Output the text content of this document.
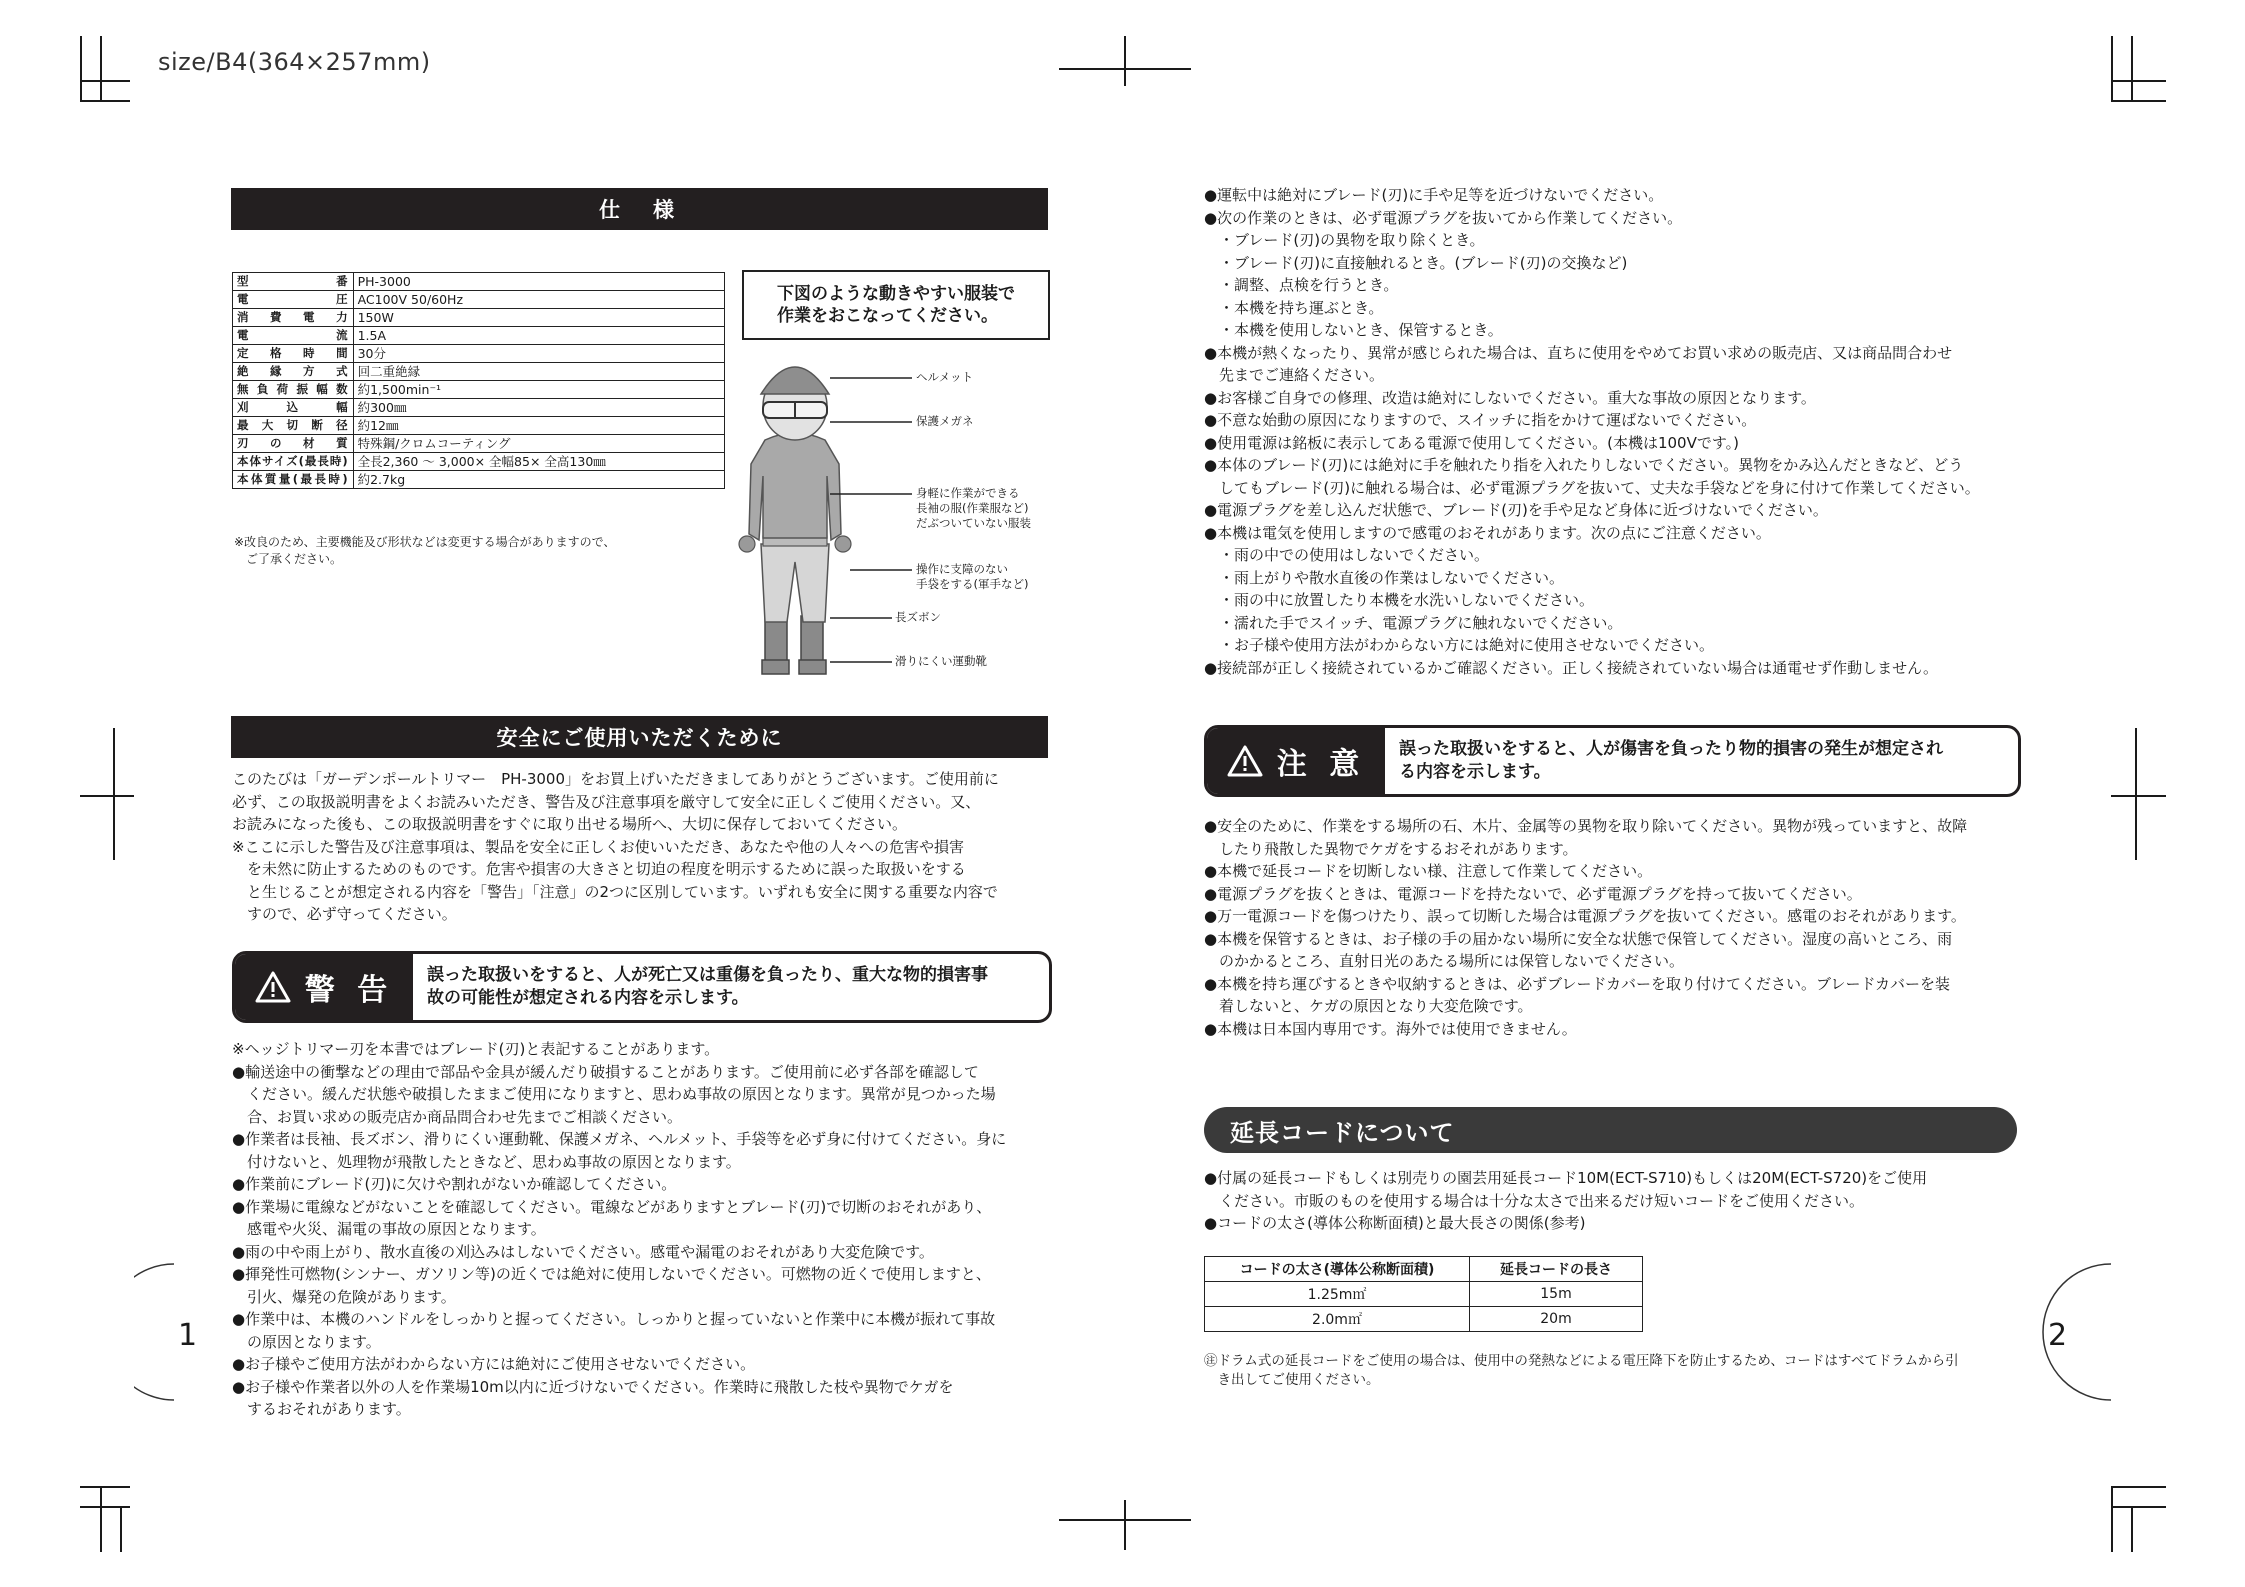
size/B4(364×257mm)
仕　様
型番	PH-3000
電圧	AC100V 50/60Hz
消費電力	150W
電流	1.5A
定格時間	30分
絶縁方式	回二重絶縁
無負荷振幅数	約1,500min⁻¹
刈込幅	約300㎜
最大切断径	約12㎜
刃の材質	特殊鋼/クロムコーティング
本体サイズ(最長時)	全長2,360 ～ 3,000× 全幅85× 全高130㎜
本体質量(最長時)	約2.7kg
※改良のため、主要機能及び形状などは変更する場合がありますので、
　ご了承ください。
下図のような動きやすい服装で
作業をおこなってください。
ヘルメット
保護メガネ
身軽に作業ができる
長袖の服(作業服など)
だぶついていない服装
操作に支障のない
手袋をする(軍手など)
長ズボン
滑りにくい運動靴
安全にご使用いただくために
このたびは「ガーデンポールトリマー　PH-3000」をお買上げいただきましてありがとうございます。ご使用前に
必ず、この取扱説明書をよくお読みいただき、警告及び注意事項を厳守して安全に正しくご使用ください。又、
お読みになった後も、この取扱説明書をすぐに取り出せる場所へ、大切に保存しておいてください。
※ここに示した警告及び注意事項は、製品を安全に正しくお使いいただき、あなたや他の人々への危害や損害
　を未然に防止するためのものです。危害や損害の大きさと切迫の程度を明示するために誤った取扱いをする
　と生じることが想定される内容を「警告」「注意」の2つに区別しています。いずれも安全に関する重要な内容で
　すので、必ず守ってください。
警 告 誤った取扱いをすると、人が死亡又は重傷を負ったり、重大な物的損害事
故の可能性が想定される内容を示します。
※ヘッジトリマー刃を本書ではブレード(刃)と表記することがあります。
●輸送途中の衝撃などの理由で部品や金具が緩んだり破損することがあります。ご使用前に必ず各部を確認して
　ください。緩んだ状態や破損したままご使用になりますと、思わぬ事故の原因となります。異常が見つかった場
　合、お買い求めの販売店か商品問合わせ先までご相談ください。
●作業者は長袖、長ズボン、滑りにくい運動靴、保護メガネ、ヘルメット、手袋等を必ず身に付けてください。身に
　付けないと、処理物が飛散したときなど、思わぬ事故の原因となります。
●作業前にブレード(刃)に欠けや割れがないか確認してください。
●作業場に電線などがないことを確認してください。電線などがありますとブレード(刃)で切断のおそれがあり、
　感電や火災、漏電の事故の原因となります。
●雨の中や雨上がり、散水直後の刈込みはしないでください。感電や漏電のおそれがあり大変危険です。
●揮発性可燃物(シンナー、ガソリン等)の近くでは絶対に使用しないでください。可燃物の近くで使用しますと、
　引火、爆発の危険があります。
●作業中は、本機のハンドルをしっかりと握ってください。しっかりと握っていないと作業中に本機が振れて事故
　の原因となります。
●お子様やご使用方法がわからない方には絶対にご使用させないでください。
●お子様や作業者以外の人を作業場10m以内に近づけないでください。作業時に飛散した枝や異物でケガを
　するおそれがあります。
1
●運転中は絶対にブレード(刃)に手や足等を近づけないでください。
●次の作業のときは、必ず電源プラグを抜いてから作業してください。
　・ブレード(刃)の異物を取り除くとき。
　・ブレード(刃)に直接触れるとき。(ブレード(刃)の交換など)
　・調整、点検を行うとき。
　・本機を持ち運ぶとき。
　・本機を使用しないとき、保管するとき。
●本機が熱くなったり、異常が感じられた場合は、直ちに使用をやめてお買い求めの販売店、又は商品問合わせ
　先までご連絡ください。
●お客様ご自身での修理、改造は絶対にしないでください。重大な事故の原因となります。
●不意な始動の原因になりますので、スイッチに指をかけて運ばないでください。
●使用電源は銘板に表示してある電源で使用してください。(本機は100Vです。)
●本体のブレード(刃)には絶対に手を触れたり指を入れたりしないでください。異物をかみ込んだときなど、どう
　してもブレード(刃)に触れる場合は、必ず電源プラグを抜いて、丈夫な手袋などを身に付けて作業してください。
●電源プラグを差し込んだ状態で、ブレード(刃)を手や足など身体に近づけないでください。
●本機は電気を使用しますので感電のおそれがあります。次の点にご注意ください。
　・雨の中での使用はしないでください。
　・雨上がりや散水直後の作業はしないでください。
　・雨の中に放置したり本機を水洗いしないでください。
　・濡れた手でスイッチ、電源プラグに触れないでください。
　・お子様や使用方法がわからない方には絶対に使用させないでください。
●接続部が正しく接続されているかご確認ください。正しく接続されていない場合は通電せず作動しません。
注 意 誤った取扱いをすると、人が傷害を負ったり物的損害の発生が想定され
る内容を示します。
●安全のために、作業をする場所の石、木片、金属等の異物を取り除いてください。異物が残っていますと、故障
　したり飛散した異物でケガをするおそれがあります。
●本機で延長コードを切断しない様、注意して作業してください。
●電源プラグを抜くときは、電源コードを持たないで、必ず電源プラグを持って抜いてください。
●万一電源コードを傷つけたり、誤って切断した場合は電源プラグを抜いてください。感電のおそれがあります。
●本機を保管するときは、お子様の手の届かない場所に安全な状態で保管してください。湿度の高いところ、雨
　のかかるところ、直射日光のあたる場所には保管しないでください。
●本機を持ち運びするときや収納するときは、必ずブレードカバーを取り付けてください。ブレードカバーを装
　着しないと、ケガの原因となり大変危険です。
●本機は日本国内専用です。海外では使用できません。
延長コードについて
●付属の延長コードもしくは別売りの園芸用延長コード10M(ECT-S710)もしくは20M(ECT-S720)をご使用
　ください。市販のものを使用する場合は十分な太さで出来るだけ短いコードをご使用ください。
●コードの太さ(導体公称断面積)と最大長さの関係(参考)
コードの太さ(導体公称断面積)	延長コードの長さ
1.25m㎡	15m
2.0m㎡	20m
㊟ドラム式の延長コードをご使用の場合は、使用中の発熱などによる電圧降下を防止するため、コードはすべてドラムから引
　き出してご使用ください。
2
